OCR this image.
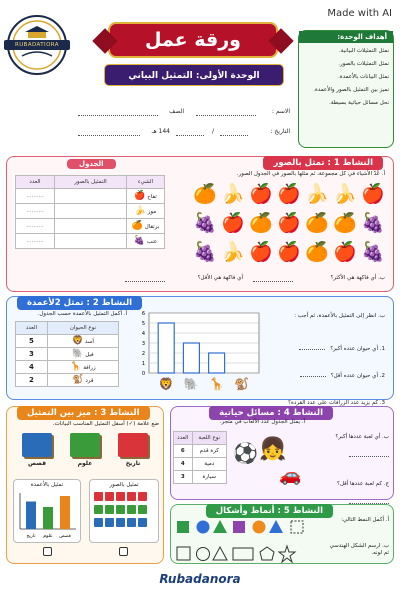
Made with AI
RUBADATIORA	ورقة عمل
الوحدة الأولى: التمثيل البياني
أهداف الوحدة:
نمثل التمثيلات البيانية.
نمثل التمثيلات بالصور.
نمثل البيانات بالأعمدة.
نميز بين التمثيل بالصور والأعمدة.
نحل مسائل حياتية بسيطة.
الاسم :
الصف
التاريخ :
/
144 هـ
النشاط 1 : تمثل بالصور
أ. عُدّ الأشياء في كل مجموعة، ثم مثلها بالصور في الجدول الصور.
🍎
🍌
🍌
🍎
🍎
🍌
🍊
🍇
🍊
🍊
🍎
🍊
🍎
🍇
🍇
🍎
🍊
🍎
🍎
🍌
🍇
الجدول
الشيء	التمثيل بالصور	العدد
تفاح 🍎		..........
موز 🍌		..........
برتقال 🍊		..........
عنب 🍇		..........
ب. أي فاكهة هي الأكثر؟
أي فاكهة هي الأقل؟
النشاط 2 : تمثل 2لأعمدة
أ. أكمل التمثيل بالأعمدة حسب الجدول.
نوع الحيوان	العدد
أسد 🦁	5
فيل 🐘	3
زرافة 🦒	4
قرد 🐒	2
0
1
2
3
4
5
6
🦁 🐘 🦒 🐒
ب. انظر إلى التمثيل بالأعمدة، ثم أجب :
1. أي حيوان عدده أكبر؟
2. أي حيوان عدده أقل؟
3. كم يزيد عدد الزرافات على عدد القردة؟
النشاط 3 : ميز بين التمثيل
ضع علامة (✓) أسفل التمثيل المناسب البيانات.
تاريخ
علوم
قصص
تمثيل بالأعمدة
تاريخ علوم قصص
تمثيل بالصور
النشاط 4 : مسائل حياتية
أ. يمثل الجدول عدد الألعاب في متجر.
نوع اللعبة	العدد
كرة قدم	6
دمية	4
سيارة	3
⚽ 👧
🚗
ب. أي لعبة عددها أكبر؟

ج. كم لعبة عددها أقل؟

النشاط 5 : أنماط وأشكال
أ. أكمل النمط التالي:
ب. ارسم الشكل الهندسي ثم لونه.
Rubadanora
